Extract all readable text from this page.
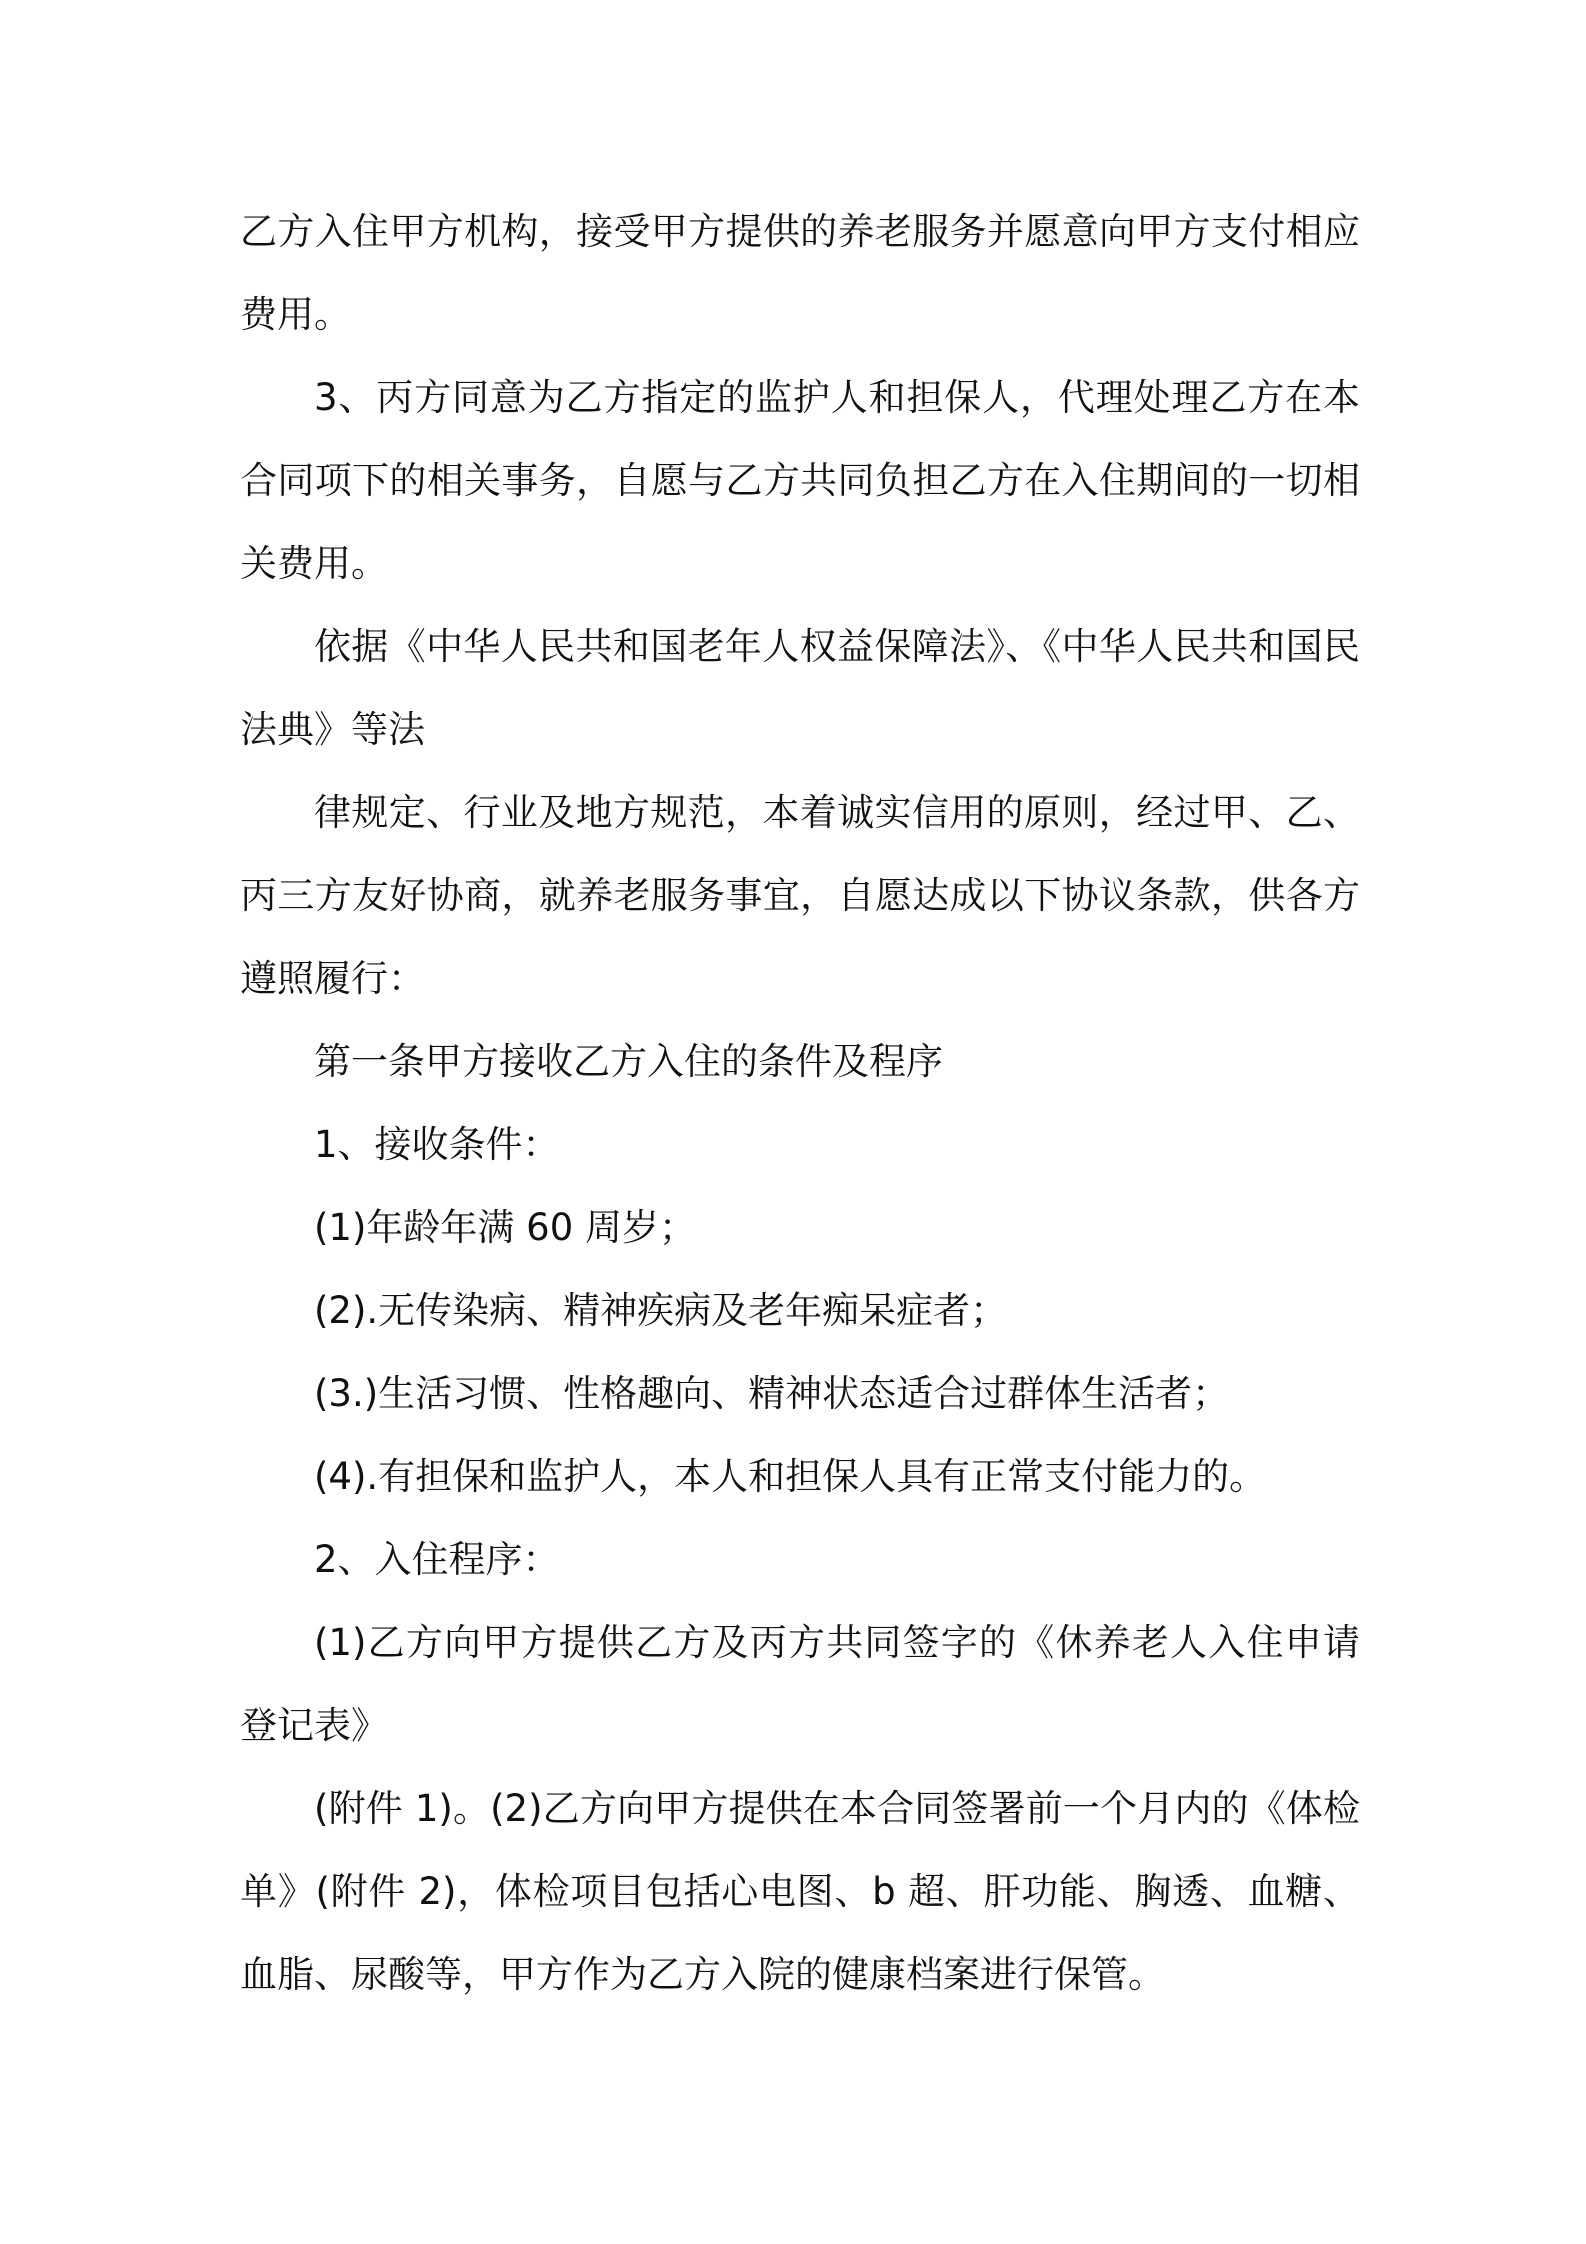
乙方入住甲方机构，接受甲方提供的养老服务并愿意向甲方支付相应费用。

3、丙方同意为乙方指定的监护人和担保人，代理处理乙方在本合同项下的相关事务，自愿与乙方共同负担乙方在入住期间的一切相关费用。

依据《中华人民共和国老年人权益保障法》、《中华人民共和国民法典》等法

律规定、行业及地方规范，本着诚实信用的原则，经过甲、乙、丙三方友好协商，就养老服务事宜，自愿达成以下协议条款，供各方遵照履行：

第一条甲方接收乙方入住的条件及程序

1、接收条件：

(1)年龄年满 60 周岁；

(2).无传染病、精神疾病及老年痴呆症者；

(3.)生活习惯、性格趣向、精神状态适合过群体生活者；

(4).有担保和监护人，本人和担保人具有正常支付能力的。

2、入住程序：

(1)乙方向甲方提供乙方及丙方共同签字的《休养老人入住申请登记表》

(附件 1)。(2)乙方向甲方提供在本合同签署前一个月内的《体检单》(附件 2)，体检项目包括心电图、b 超、肝功能、胸透、血糖、血脂、尿酸等，甲方作为乙方入院的健康档案进行保管。
